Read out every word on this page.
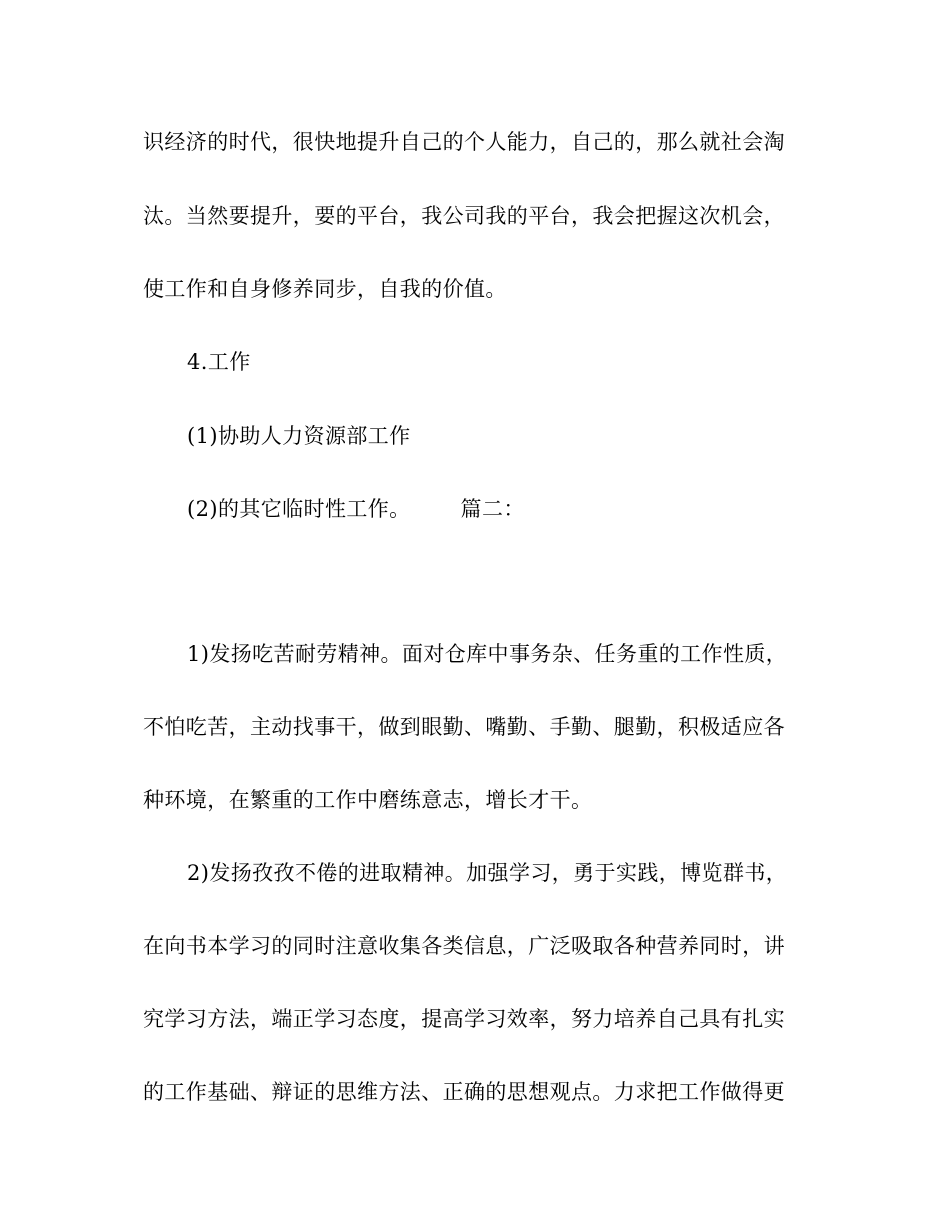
识经济的时代，很快地提升自己的个人能力，自己的，那么就社会淘
汰。当然要提升，要的平台，我公司我的平台，我会把握这次机会，
使工作和自身修养同步，自我的价值。
4.工作
(1)协助人力资源部工作
(2)的其它临时性工作。 篇二：
1)发扬吃苦耐劳精神。面对仓库中事务杂、任务重的工作性质，
不怕吃苦，主动找事干，做到眼勤、嘴勤、手勤、腿勤，积极适应各
种环境，在繁重的工作中磨练意志，增长才干。
2)发扬孜孜不倦的进取精神。加强学习，勇于实践，博览群书，
在向书本学习的同时注意收集各类信息，广泛吸取各种营养同时，讲
究学习方法，端正学习态度，提高学习效率，努力培养自己具有扎实
的工作基础、辩证的思维方法、正确的思想观点。力求把工作做得更
